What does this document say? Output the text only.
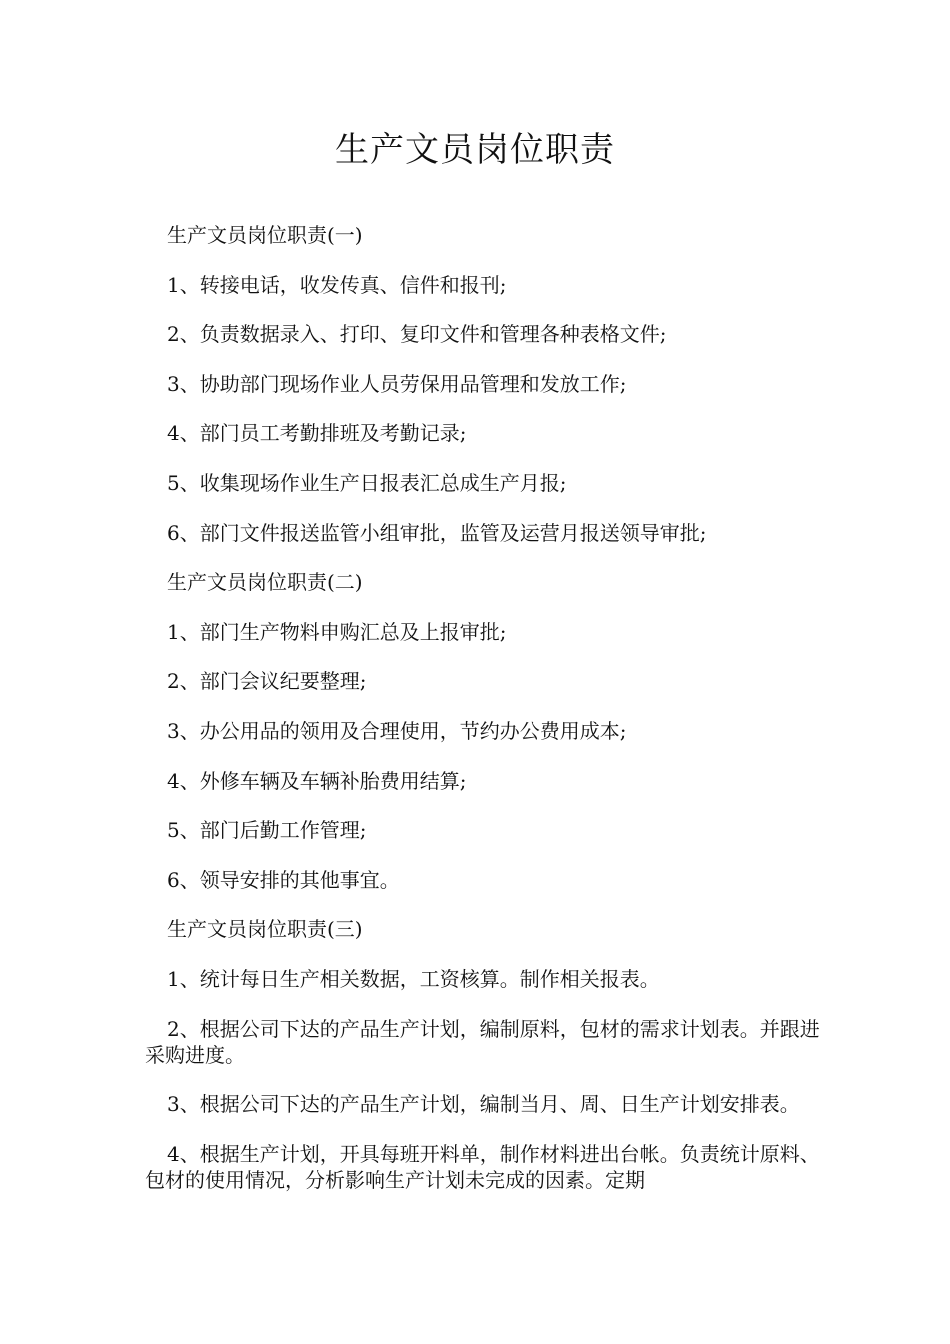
生产文员岗位职责

生产文员岗位职责(一)

1、转接电话，收发传真、信件和报刊;

2、负责数据录入、打印、复印文件和管理各种表格文件;

3、协助部门现场作业人员劳保用品管理和发放工作;

4、部门员工考勤排班及考勤记录;

5、收集现场作业生产日报表汇总成生产月报;

6、部门文件报送监管小组审批，监管及运营月报送领导审批;

生产文员岗位职责(二)

1、部门生产物料申购汇总及上报审批;

2、部门会议纪要整理;

3、办公用品的领用及合理使用，节约办公费用成本;

4、外修车辆及车辆补胎费用结算;

5、部门后勤工作管理;

6、领导安排的其他事宜。

生产文员岗位职责(三)

1、统计每日生产相关数据，工资核算。制作相关报表。

2、根据公司下达的产品生产计划，编制原料，包材的需求计划表。并跟进采购进度。

3、根据公司下达的产品生产计划，编制当月、周、日生产计划安排表。

4、根据生产计划，开具每班开料单，制作材料进出台帐。负责统计原料、包材的使用情况，分析影响生产计划未完成的因素。定期
